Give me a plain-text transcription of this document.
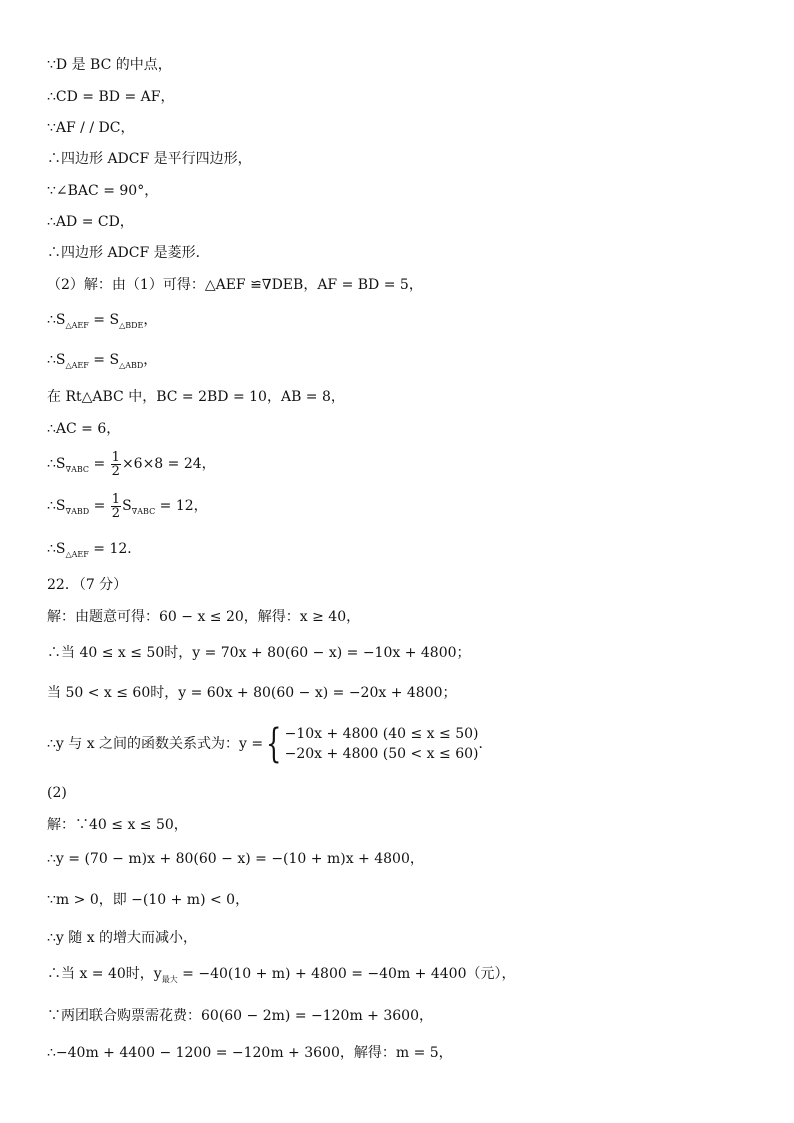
∵D 是 BC 的中点，
∴CD = BD = AF，
∵AF / / DC，
∴四边形 ADCF 是平行四边形，
∵∠BAC = 90°，
∴AD = CD，
∴四边形 ADCF 是菱形．
（2）解：由（1）可得：△AEF ≌∇DEB，AF = BD = 5，
$\therefore S_{\triangle AEF} = S_{\triangle BDE}$，
$\therefore S_{\triangle AEF} = S_{\triangle ABD}$，
在 Rt△ABC 中，BC = 2BD = 10，AB = 8，
∴AC = 6，
$\therefore S_{\nabla ABC} = \frac{1}{2} \times 6\times 8 = 24$，
$\therefore S_{\nabla ABD} = \frac{1}{2} S_{\nabla ABC} = 12$，
$\therefore S_{\triangle AEF} = 12$．
22．（7 分）
解：由题意可得：60 − x ≤ 20，解得：x ≥ 40，
∴当 40 ≤ x ≤ 50时，y = 70x + 80(60 − x) = −10x + 4800；
当 50 < x ≤ 60时，y = 60x + 80(60 − x) = −20x + 4800；
∴y 与 x 之间的函数关系式为：y ={ −10x + 4800 (40 ≤ x ≤ 50)
−20x + 4800 (50 < x ≤ 60)
．
(2)
解：∵40 ≤ x ≤ 50，
∴y = (70 − m)x + 80(60 − x) = −(10 + m)x + 4800，
∵m > 0，即 −(10 + m) < 0，
∴y 随 x 的增大而减小，
∴当 x = 40时，$y_{最大} = -40(10 + m) + 4800 = -40m + 4400$（元），
∵两团联合购票需花费：60(60 − 2m) = −120m + 3600，
∴−40m + 4400 − 1200 = −120m + 3600，解得：m = 5，
